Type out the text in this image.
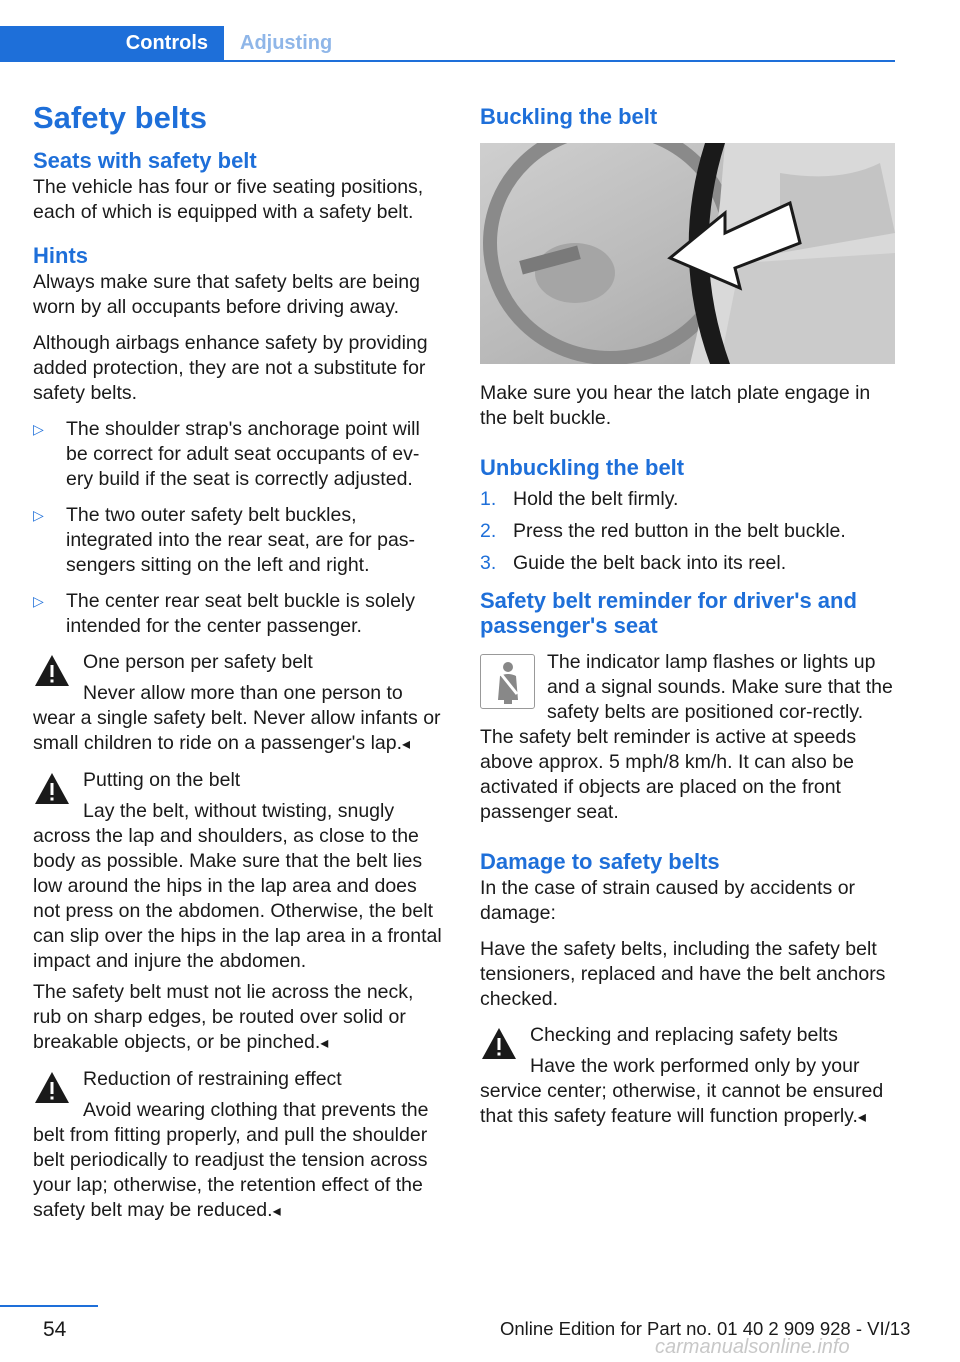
Controls	Adjusting
Safety belts
Seats with safety belt

The vehicle has four or five seating positions, each of which is equipped with a safety belt.

Hints

Always make sure that safety belts are being worn by all occupants before driving away.

Although airbags enhance safety by providing added protection, they are not a substitute for safety belts.

▷	The shoulder strap's anchorage point will be correct for adult seat occupants of ev-ery build if the seat is correctly adjusted.
▷	The two outer safety belt buckles, integrated into the rear seat, are for pas-sengers sitting on the left and right.
▷	The center rear seat belt buckle is solely intended for the center passenger.

One person per safety belt

Never allow more than one person to wear a single safety belt. Never allow infants or small children to ride on a passenger's lap.◂

Putting on the belt

Lay the belt, without twisting, snugly across the lap and shoulders, as close to the body as possible. Make sure that the belt lies low around the hips in the lap area and does not press on the abdomen. Otherwise, the belt can slip over the hips in the lap area in a frontal impact and injure the abdomen.

The safety belt must not lie across the neck, rub on sharp edges, be routed over solid or breakable objects, or be pinched.◂

Reduction of restraining effect

Avoid wearing clothing that prevents the belt from fitting properly, and pull the shoulder belt periodically to readjust the tension across your lap; otherwise, the retention effect of the safety belt may be reduced.◂

Buckling the belt

Make sure you hear the latch plate engage in the belt buckle.

Unbuckling the belt
1. Hold the belt firmly.
2. Press the red button in the belt buckle.
3. Guide the belt back into its reel.
Safety belt reminder for driver's and passenger's seat

The indicator lamp flashes or lights up and a signal sounds. Make sure that the safety belts are positioned cor-rectly. The safety belt reminder is active at speeds above approx. 5 mph/8 km/h. It can also be activated if objects are placed on the front passenger seat.

Damage to safety belts

In the case of strain caused by accidents or damage:

Have the safety belts, including the safety belt tensioners, replaced and have the belt anchors checked.

Checking and replacing safety belts

Have the work performed only by your service center; otherwise, it cannot be ensured that this safety feature will function properly.◂

54	Online Edition for Part no. 01 40 2 909 928 - VI/13
carmanualsonline.info
